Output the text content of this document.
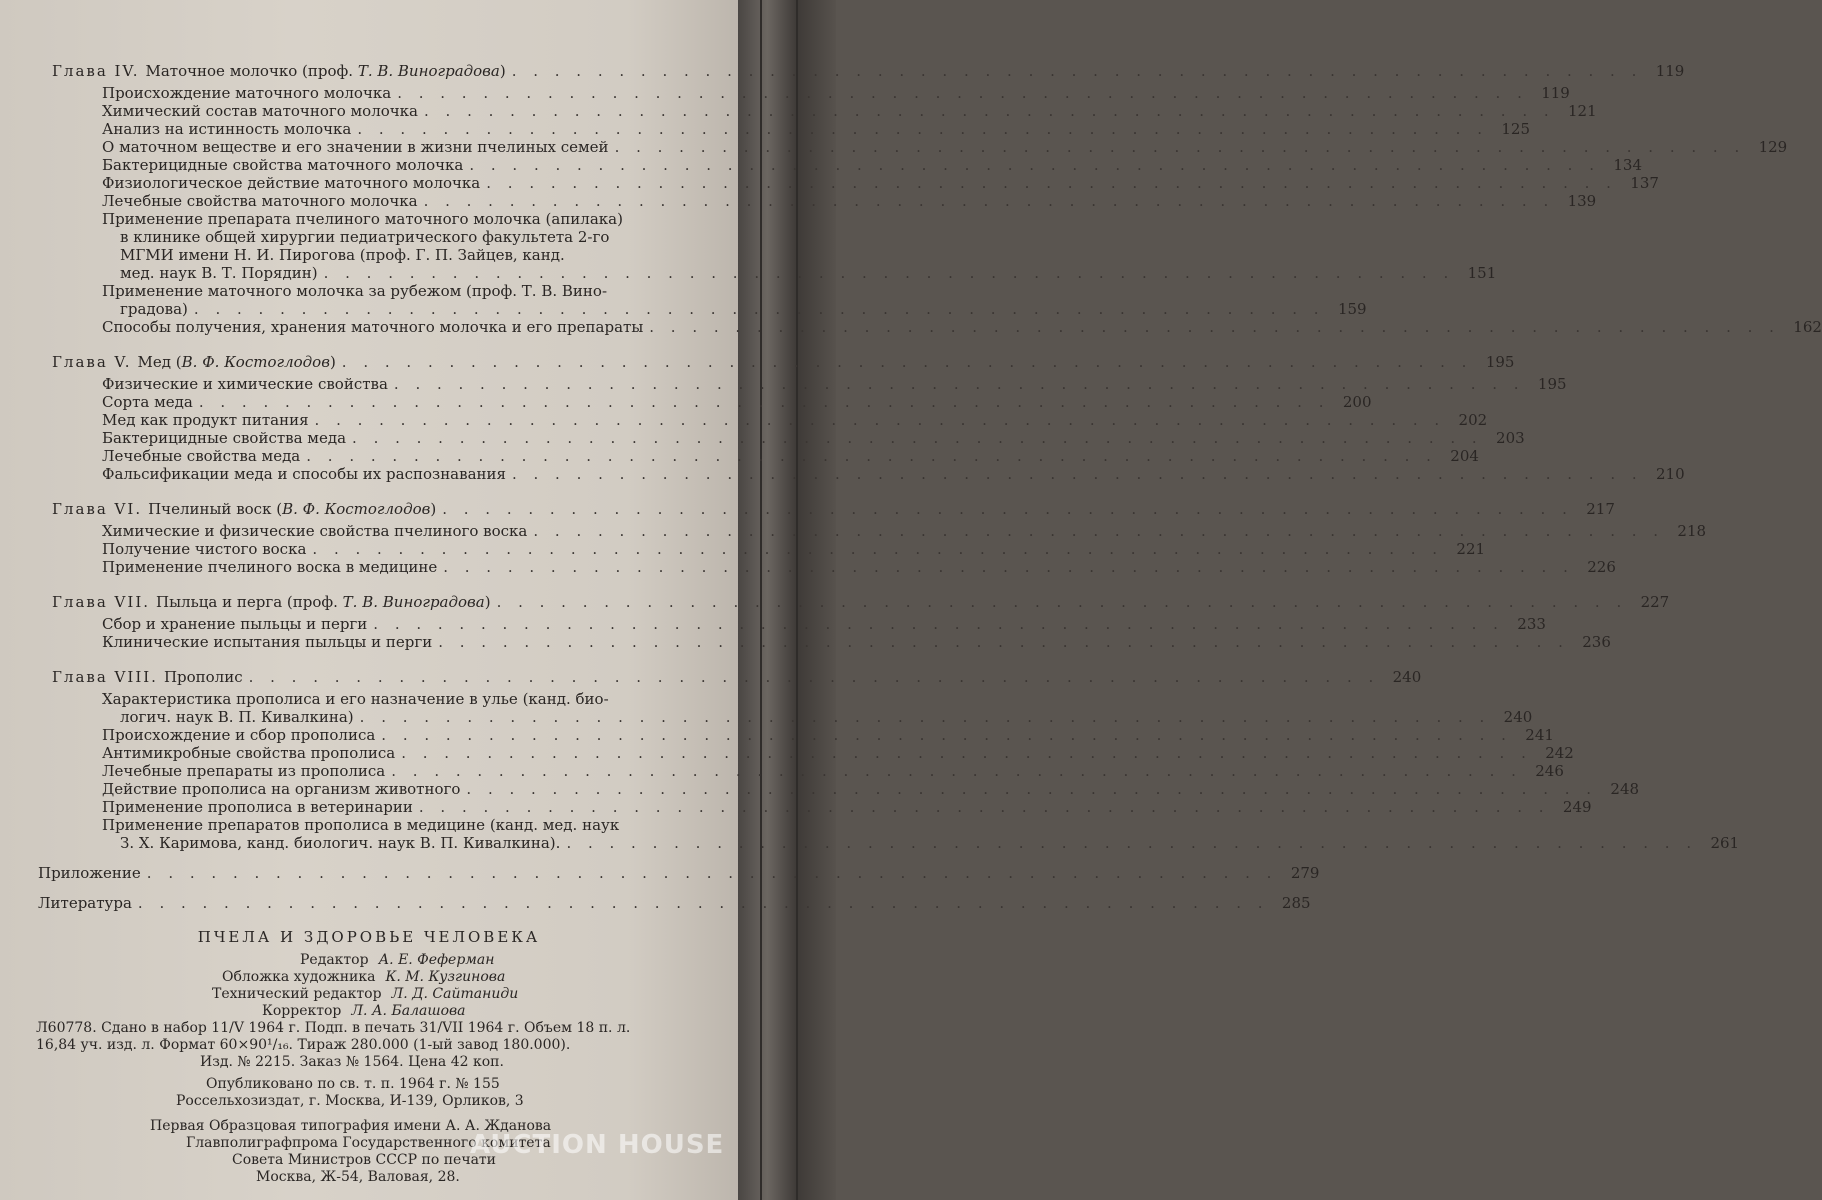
Глава IV. Маточное молочко (проф. Т. В. Виноградова) . . . . . . . . . . . . . . . . . . . . . . . . . . . . . . . . . . . . . . . . . . . . . . . . . . . . . 119
Происхождение маточного молочка . . . . . . . . . . . . . . . . . . . . . . . . . . . . . . . . . . . . . . . . . . . . . . . . . . . . . 119
Химический состав маточного молочка . . . . . . . . . . . . . . . . . . . . . . . . . . . . . . . . . . . . . . . . . . . . . . . . . . . . . 121
Анализ на истинность молочка . . . . . . . . . . . . . . . . . . . . . . . . . . . . . . . . . . . . . . . . . . . . . . . . . . . . . 125
О маточном веществе и его значении в жизни пчелиных семей . . . . . . . . . . . . . . . . . . . . . . . . . . . . . . . . . . . . . . . . . . . . . . . . . . . . . 129
Бактерицидные свойства маточного молочка . . . . . . . . . . . . . . . . . . . . . . . . . . . . . . . . . . . . . . . . . . . . . . . . . . . . . 134
Физиологическое действие маточного молочка . . . . . . . . . . . . . . . . . . . . . . . . . . . . . . . . . . . . . . . . . . . . . . . . . . . . . 137
Лечебные свойства маточного молочка . . . . . . . . . . . . . . . . . . . . . . . . . . . . . . . . . . . . . . . . . . . . . . . . . . . . . 139
Применение препарата пчелиного маточного молочка (апилака)
в клинике общей хирургии педиатрического факультета 2-го
МГМИ имени Н. И. Пирогова (проф. Г. П. Зайцев, канд.
мед. наук В. Т. Порядин) . . . . . . . . . . . . . . . . . . . . . . . . . . . . . . . . . . . . . . . . . . . . . . . . . . . . . 151
Применение маточного молочка за рубежом (проф. Т. В. Вино-
градова) . . . . . . . . . . . . . . . . . . . . . . . . . . . . . . . . . . . . . . . . . . . . . . . . . . . . . 159
Способы получения, хранения маточного молочка и его препараты . . . . . . . . . . . . . . . . . . . . . . . . . . . . . . . . . . . . . . . . . . . . . . . . . . . . . 162
Глава V. Мед (В. Ф. Костоглодов) . . . . . . . . . . . . . . . . . . . . . . . . . . . . . . . . . . . . . . . . . . . . . . . . . . . . . 195
Физические и химические свойства . . . . . . . . . . . . . . . . . . . . . . . . . . . . . . . . . . . . . . . . . . . . . . . . . . . . . 195
Сорта меда . . . . . . . . . . . . . . . . . . . . . . . . . . . . . . . . . . . . . . . . . . . . . . . . . . . . . 200
Мед как продукт питания . . . . . . . . . . . . . . . . . . . . . . . . . . . . . . . . . . . . . . . . . . . . . . . . . . . . . 202
Бактерицидные свойства меда . . . . . . . . . . . . . . . . . . . . . . . . . . . . . . . . . . . . . . . . . . . . . . . . . . . . . 203
Лечебные свойства меда . . . . . . . . . . . . . . . . . . . . . . . . . . . . . . . . . . . . . . . . . . . . . . . . . . . . . 204
Фальсификации меда и способы их распознавания . . . . . . . . . . . . . . . . . . . . . . . . . . . . . . . . . . . . . . . . . . . . . . . . . . . . . 210
Глава VI. Пчелиный воск (В. Ф. Костоглодов) . . . . . . . . . . . . . . . . . . . . . . . . . . . . . . . . . . . . . . . . . . . . . . . . . . . . . 217
Химические и физические свойства пчелиного воска . . . . . . . . . . . . . . . . . . . . . . . . . . . . . . . . . . . . . . . . . . . . . . . . . . . . . 218
Получение чистого воска . . . . . . . . . . . . . . . . . . . . . . . . . . . . . . . . . . . . . . . . . . . . . . . . . . . . . 221
Применение пчелиного воска в медицине . . . . . . . . . . . . . . . . . . . . . . . . . . . . . . . . . . . . . . . . . . . . . . . . . . . . . 226
Глава VII. Пыльца и перга (проф. Т. В. Виноградова) . . . . . . . . . . . . . . . . . . . . . . . . . . . . . . . . . . . . . . . . . . . . . . . . . . . . . 227
Сбор и хранение пыльцы и перги . . . . . . . . . . . . . . . . . . . . . . . . . . . . . . . . . . . . . . . . . . . . . . . . . . . . . 233
Клинические испытания пыльцы и перги . . . . . . . . . . . . . . . . . . . . . . . . . . . . . . . . . . . . . . . . . . . . . . . . . . . . . 236
Глава VIII. Прополис . . . . . . . . . . . . . . . . . . . . . . . . . . . . . . . . . . . . . . . . . . . . . . . . . . . . . 240
Характеристика прополиса и его назначение в улье (канд. био-
логич. наук В. П. Кивалкина) . . . . . . . . . . . . . . . . . . . . . . . . . . . . . . . . . . . . . . . . . . . . . . . . . . . . . 240
Происхождение и сбор прополиса . . . . . . . . . . . . . . . . . . . . . . . . . . . . . . . . . . . . . . . . . . . . . . . . . . . . . 241
Антимикробные свойства прополиса . . . . . . . . . . . . . . . . . . . . . . . . . . . . . . . . . . . . . . . . . . . . . . . . . . . . . 242
Лечебные препараты из прополиса . . . . . . . . . . . . . . . . . . . . . . . . . . . . . . . . . . . . . . . . . . . . . . . . . . . . . 246
Действие прополиса на организм животного . . . . . . . . . . . . . . . . . . . . . . . . . . . . . . . . . . . . . . . . . . . . . . . . . . . . . 248
Применение прополиса в ветеринарии . . . . . . . . . . . . . . . . . . . . . . . . . . . . . . . . . . . . . . . . . . . . . . . . . . . . . 249
Применение препаратов прополиса в медицине (канд. мед. наук
З. Х. Каримова, канд. биологич. наук В. П. Кивалкина). . . . . . . . . . . . . . . . . . . . . . . . . . . . . . . . . . . . . . . . . . . . . . . . . . . . . . 261
Приложение . . . . . . . . . . . . . . . . . . . . . . . . . . . . . . . . . . . . . . . . . . . . . . . . . . . . . 279
Литература . . . . . . . . . . . . . . . . . . . . . . . . . . . . . . . . . . . . . . . . . . . . . . . . . . . . . 285
ПЧЕЛА И ЗДОРОВЬЕ ЧЕЛОВЕКА
Редактор А. Е. Феферман
Обложка художника К. М. Кузгинова
Технический редактор Л. Д. Сайтаниди
Корректор Л. А. Балашова
Л60778. Сдано в набор 11/V 1964 г. Подп. в печать 31/VII 1964 г. Объем 18 п. л.
16,84 уч. изд. л. Формат 60×90¹/₁₆. Тираж 280.000 (1-ый завод 180.000).
Изд. № 2215. Заказ № 1564. Цена 42 коп.
Опубликовано по св. т. п. 1964 г. № 155
Россельхозиздат, г. Москва, И-139, Орликов, 3
Первая Образцовая типография имени А. А. Жданова
Главполиграфпрома Государственного комитета
Совета Министров СССР по печати
Москва, Ж-54, Валовая, 28.
AUCTION HOUSE
